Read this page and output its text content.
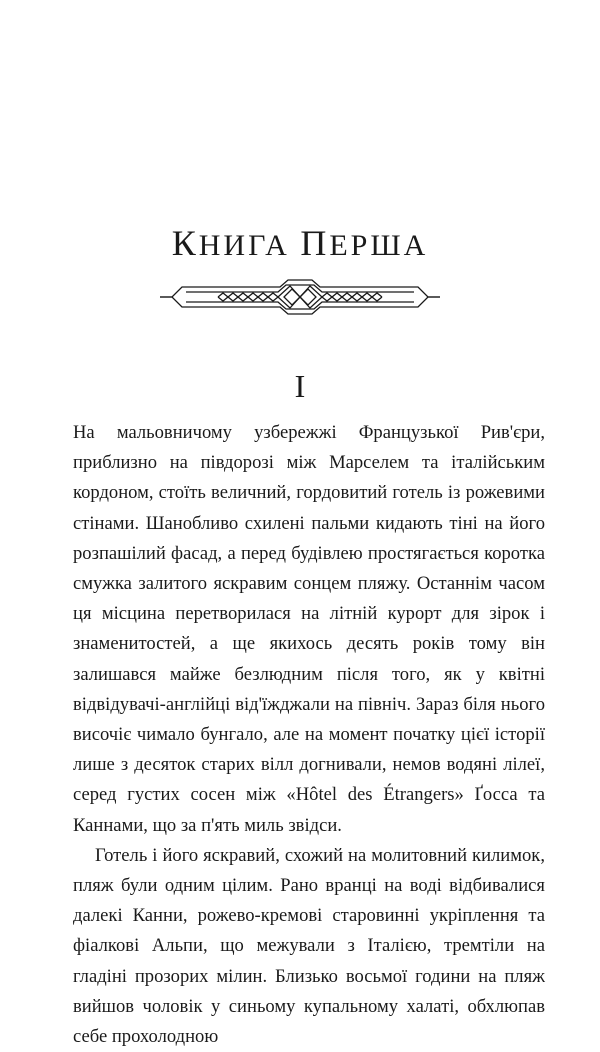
КНИГА ПЕРША
I

На мальовничому узбережжі Французької Рив'єри, приблизно на півдорозі між Марселем та італійським кордоном, стоїть величний, гордовитий готель із рожевими стінами. Шанобливо схилені пальми кидають тіні на його розпашілий фасад, а перед будівлею простягається коротка смужка залитого яскравим сонцем пляжу. Останнім часом ця місцина перетворилася на літній курорт для зірок і знаменитостей, а ще якихось десять років тому він залишався майже безлюдним після того, як у квітні відвідувачі-англійці від'їжджали на північ. Зараз біля нього височіє чимало бунгало, але на момент початку цієї історії лише з десяток старих вілл догнивали, немов водяні лілеї, серед густих сосен між «Hôtel des Étrangers» Ґосса та Каннами, що за п'ять миль звідси.

Готель і його яскравий, схожий на молитовний килимок, пляж були одним цілим. Рано вранці на воді відбивалися далекі Канни, рожево-кремові старовинні укріплення та фіалкові Альпи, що межували з Італією, тремтіли на гладіні прозорих мілин. Близько восьмої години на пляж вийшов чоловік у синьому купальному халаті, обхлюпав себе прохолодною
